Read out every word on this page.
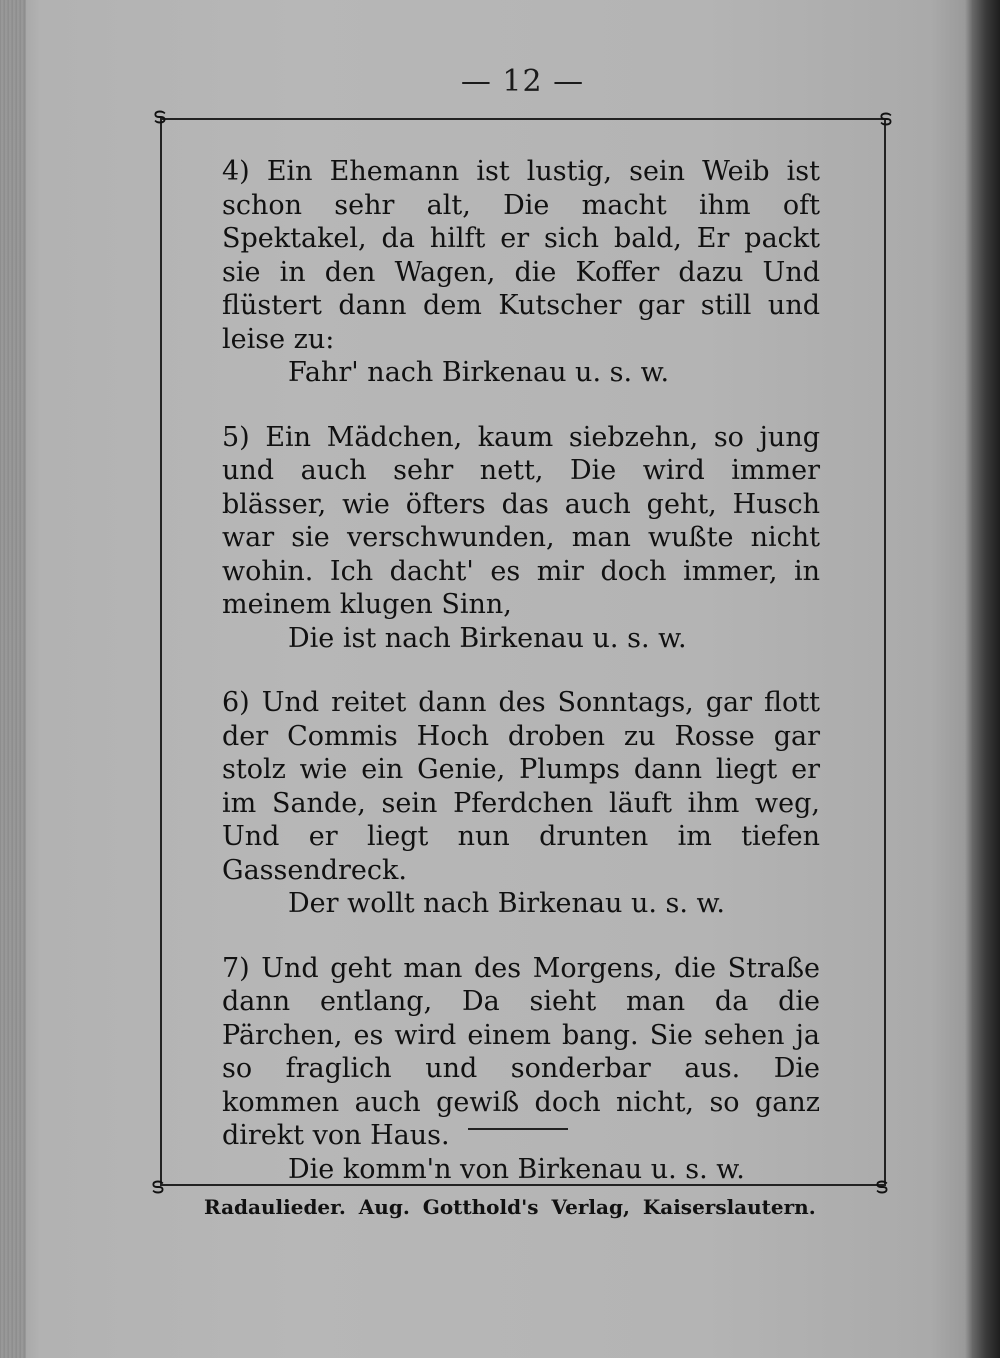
— 12 —
ട	ട
ട	ട
4) Ein Ehemann ist lustig, sein Weib ist schon sehr alt, Die macht ihm oft Spektakel, da hilft er sich bald, Er packt sie in den Wagen, die Koffer dazu Und flüstert dann dem Kutscher gar still und leise zu:
Fahr' nach Birkenau u. s. w.
5) Ein Mädchen, kaum siebzehn, so jung und auch sehr nett, Die wird immer blässer, wie öfters das auch geht, Husch war sie verschwunden, man wußte nicht wohin. Ich dacht' es mir doch immer, in meinem klugen Sinn,
Die ist nach Birkenau u. s. w.
6) Und reitet dann des Sonntags, gar flott der Commis Hoch droben zu Rosse gar stolz wie ein Genie, Plumps dann liegt er im Sande, sein Pferdchen läuft ihm weg, Und er liegt nun drunten im tiefen Gassendreck.
Der wollt nach Birkenau u. s. w.
7) Und geht man des Morgens, die Straße dann entlang, Da sieht man da die Pärchen, es wird einem bang. Sie sehen ja so fraglich und sonderbar aus. Die kommen auch gewiß doch nicht, so ganz direkt von Haus.
Die komm'n von Birkenau u. s. w.
Radaulieder. Aug. Gotthold's Verlag, Kaiserslautern.
